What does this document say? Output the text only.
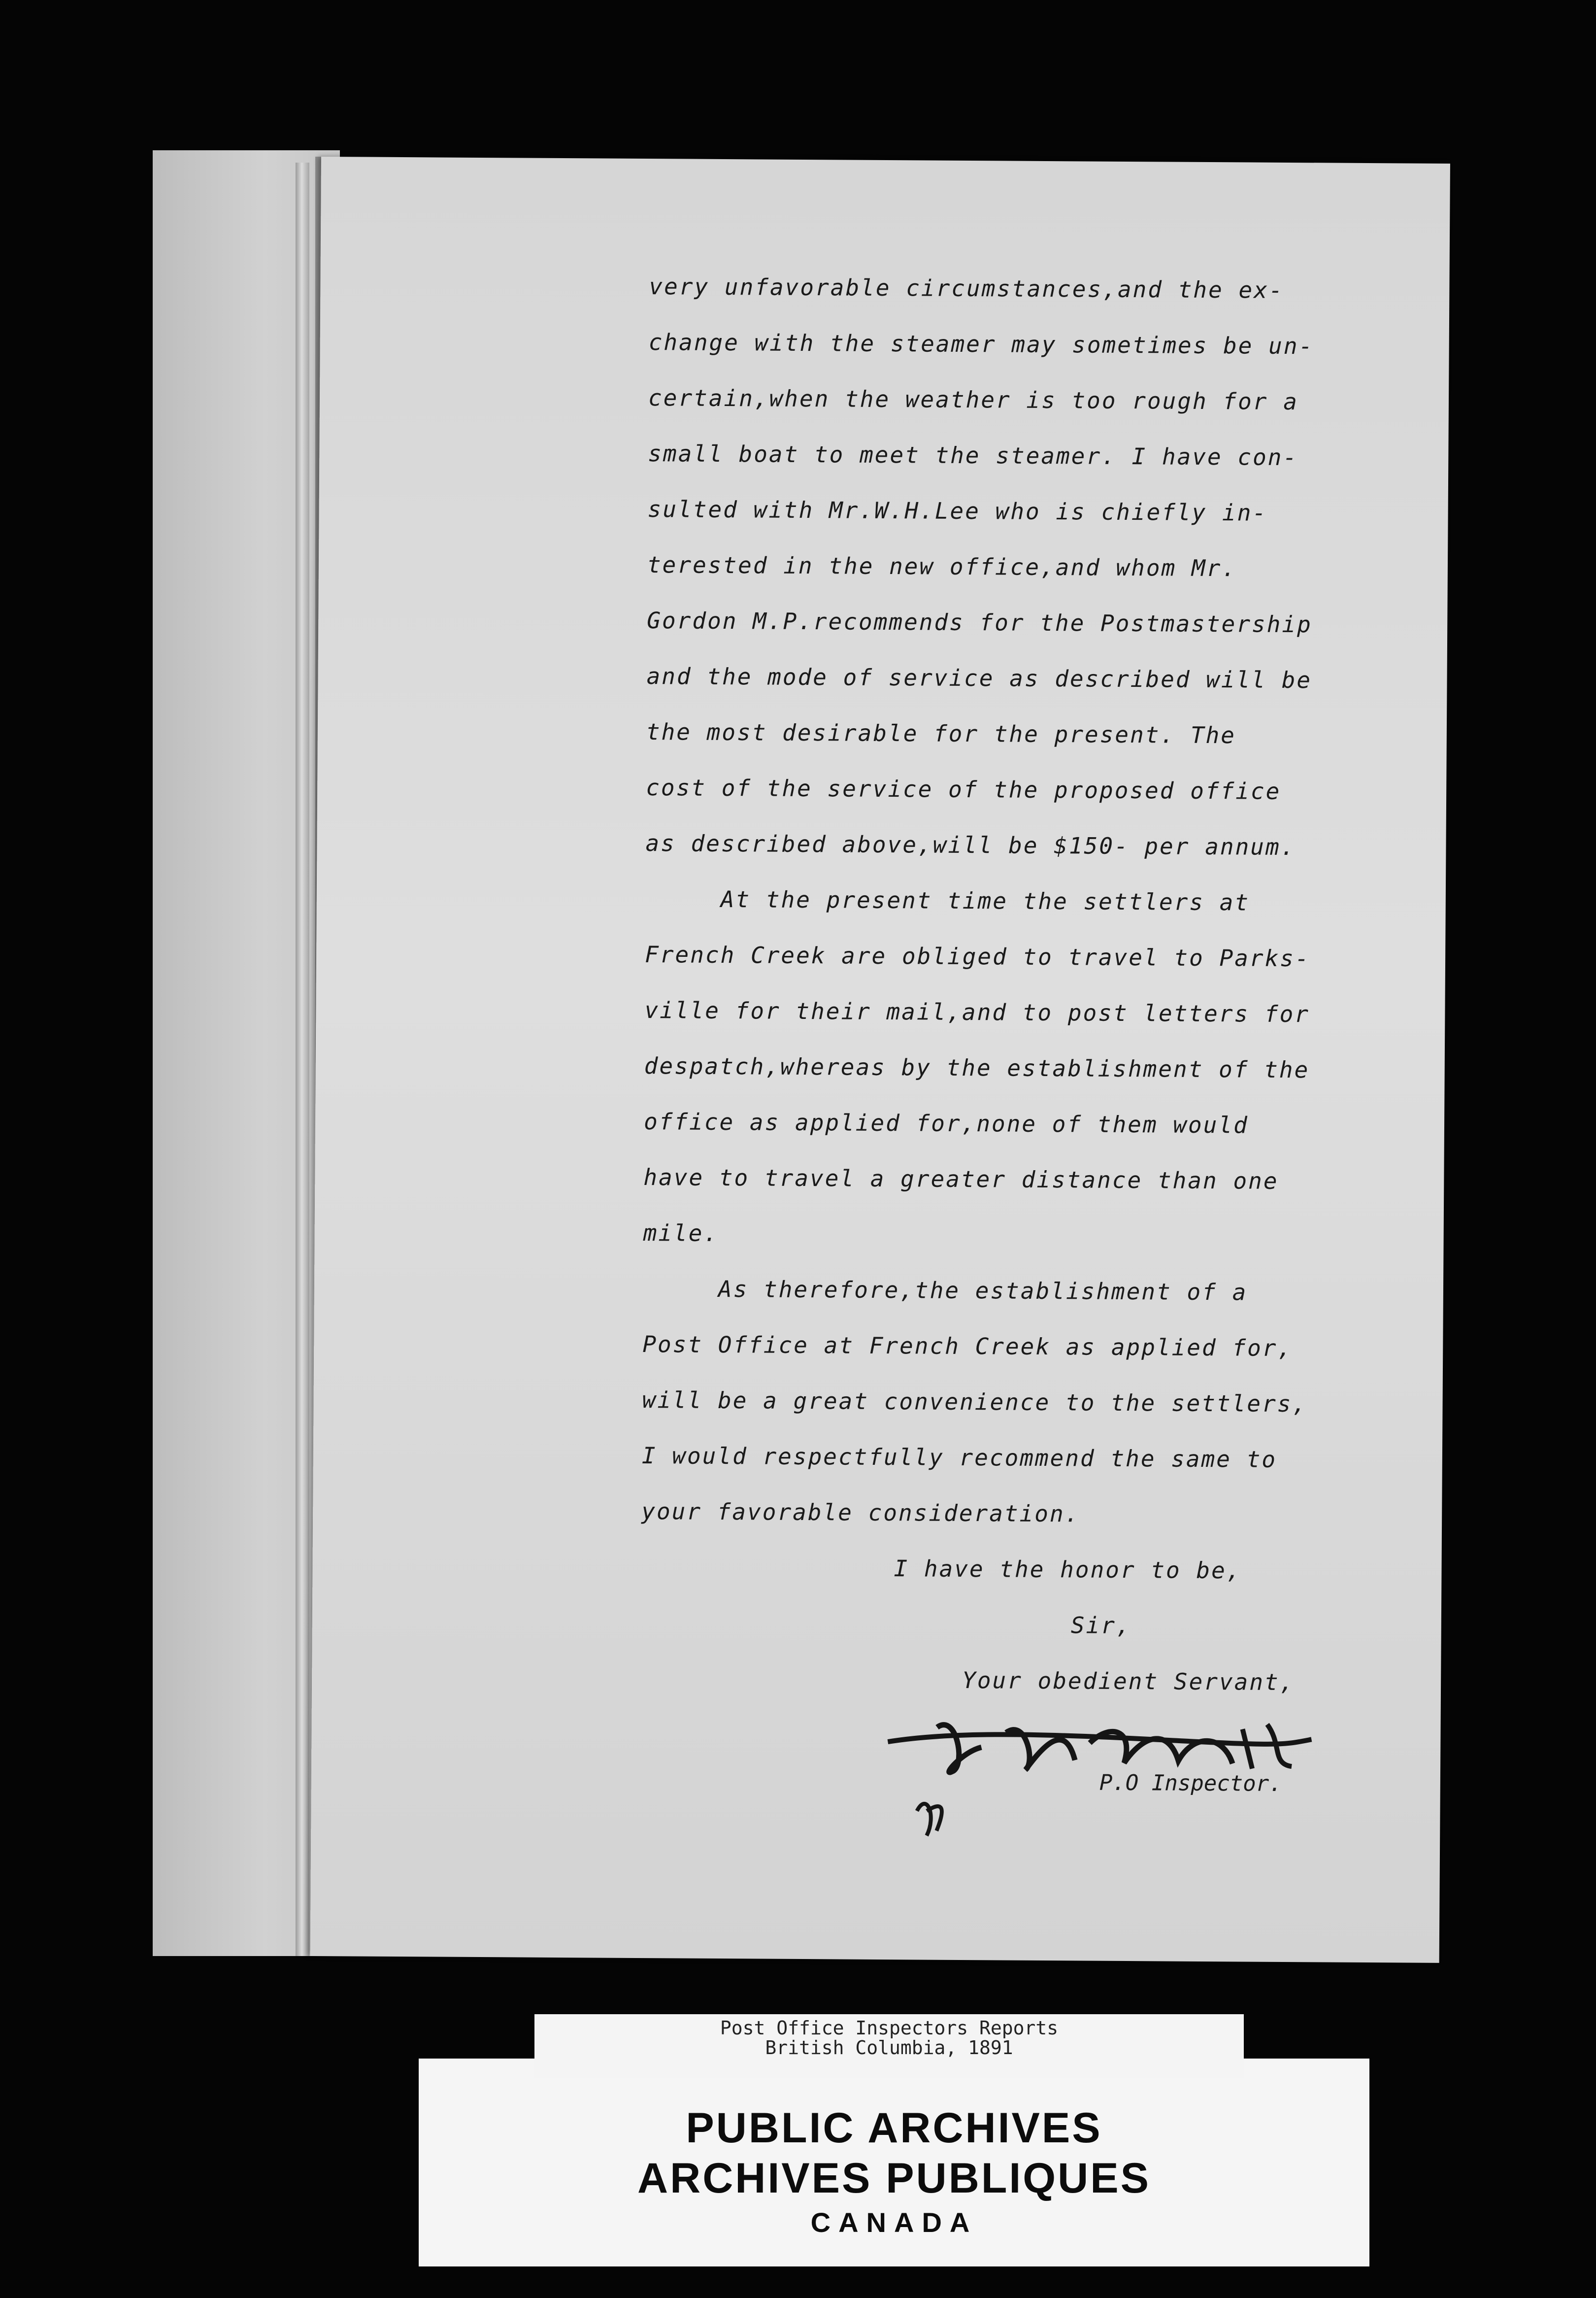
very unfavorable circumstances,and the ex-
change with the steamer may sometimes be un-
certain,when the weather is too rough for a
small boat to meet the steamer. I have con-
sulted with Mr.W.H.Lee who is chiefly in-
terested in the new office,and whom Mr.
Gordon M.P.recommends for the Postmastership
and the mode of service as described will be
the most desirable for the present. The
cost of the service of the proposed office
as described above,will be $150- per annum.
At the present time the settlers at
French Creek are obliged to travel to Parks-
ville for their mail,and to post letters for
despatch,whereas by the establishment of the
office as applied for,none of them would
have to travel a greater distance than one
mile.
As therefore,the establishment of a
Post Office at French Creek as applied for,
will be a great convenience to the settlers,
I would respectfully recommend the same to
your favorable consideration.
I have the honor to be,
Sir,
Your obedient Servant,
P.O Inspector.
PUBLIC ARCHIVES
ARCHIVES PUBLIQUES
CANADA
Post Office Inspectors Reports
British Columbia, 1891
